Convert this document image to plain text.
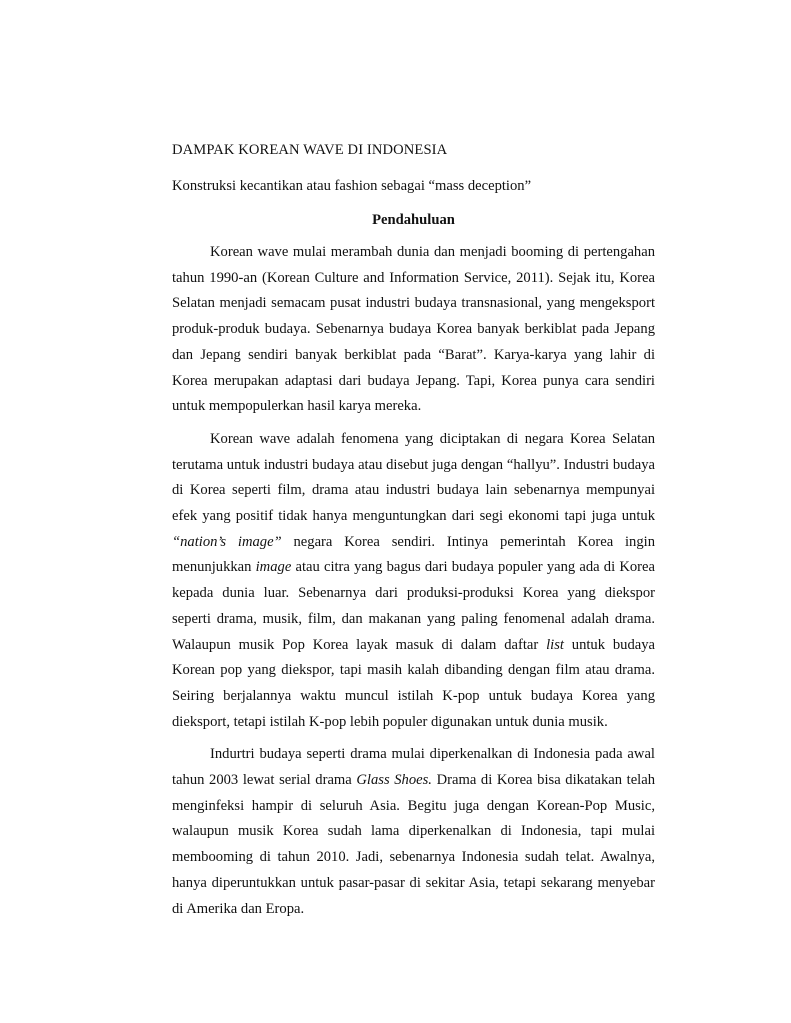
DAMPAK KOREAN WAVE DI INDONESIA
Konstruksi kecantikan atau fashion sebagai “mass deception”
Pendahuluan

Korean wave mulai merambah dunia dan menjadi booming di pertengahan tahun 1990-an (Korean Culture and Information Service, 2011). Sejak itu, Korea Selatan menjadi semacam pusat industri budaya transnasional, yang mengeksport produk-produk budaya. Sebenarnya budaya Korea banyak berkiblat pada Jepang dan Jepang sendiri banyak berkiblat pada “Barat”. Karya-karya yang lahir di Korea merupakan adaptasi dari budaya Jepang. Tapi, Korea punya cara sendiri untuk mempopulerkan hasil karya mereka.

Korean wave adalah fenomena yang diciptakan di negara Korea Selatan terutama untuk industri budaya atau disebut juga dengan “hallyu”. Industri budaya di Korea seperti film, drama atau industri budaya lain sebenarnya mempunyai efek yang positif tidak hanya menguntungkan dari segi ekonomi tapi juga untuk “nation’s image” negara Korea sendiri. Intinya pemerintah Korea ingin menunjukkan image atau citra yang bagus dari budaya populer yang ada di Korea kepada dunia luar. Sebenarnya dari produksi-produksi Korea yang diekspor seperti drama, musik, film, dan makanan yang paling fenomenal adalah drama. Walaupun musik Pop Korea layak masuk di dalam daftar list untuk budaya Korean pop yang diekspor, tapi masih kalah dibanding dengan film atau drama. Seiring berjalannya waktu muncul istilah K-pop untuk budaya Korea yang dieksport, tetapi istilah K-pop lebih populer digunakan untuk dunia musik.

Indurtri budaya seperti drama mulai diperkenalkan di Indonesia pada awal tahun 2003 lewat serial drama Glass Shoes. Drama di Korea bisa dikatakan telah menginfeksi hampir di seluruh Asia. Begitu juga dengan Korean-Pop Music, walaupun musik Korea sudah lama diperkenalkan di Indonesia, tapi mulai membooming di tahun 2010. Jadi, sebenarnya Indonesia sudah telat. Awalnya, hanya diperuntukkan untuk pasar-pasar di sekitar Asia, tetapi sekarang menyebar di Amerika dan Eropa.
